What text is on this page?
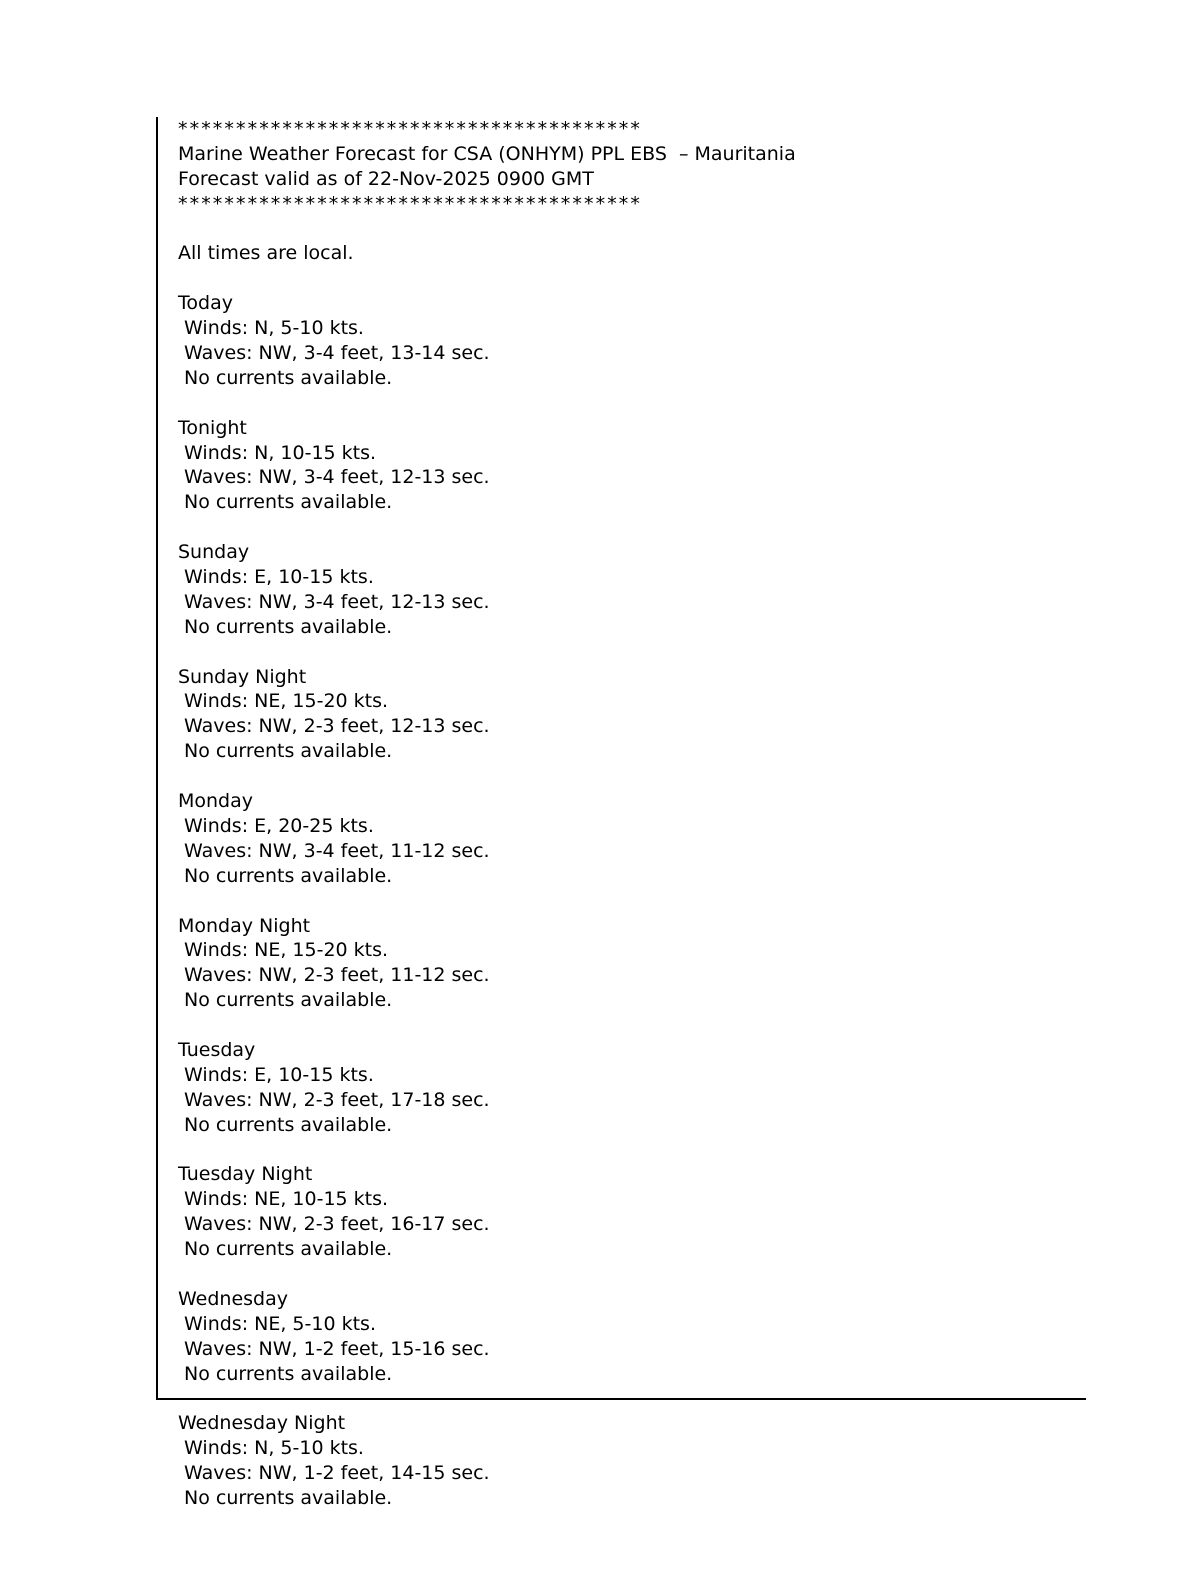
****************************************
Marine Weather Forecast for CSA (ONHYM) PPL EBS  – Mauritania
Forecast valid as of 22-Nov-2025 0900 GMT
****************************************
All times are local.
Today
Winds: N, 5-10 kts.
Waves: NW, 3-4 feet, 13-14 sec.
No currents available.
Tonight
Winds: N, 10-15 kts.
Waves: NW, 3-4 feet, 12-13 sec.
No currents available.
Sunday
Winds: E, 10-15 kts.
Waves: NW, 3-4 feet, 12-13 sec.
No currents available.
Sunday Night
Winds: NE, 15-20 kts.
Waves: NW, 2-3 feet, 12-13 sec.
No currents available.
Monday
Winds: E, 20-25 kts.
Waves: NW, 3-4 feet, 11-12 sec.
No currents available.
Monday Night
Winds: NE, 15-20 kts.
Waves: NW, 2-3 feet, 11-12 sec.
No currents available.
Tuesday
Winds: E, 10-15 kts.
Waves: NW, 2-3 feet, 17-18 sec.
No currents available.
Tuesday Night
Winds: NE, 10-15 kts.
Waves: NW, 2-3 feet, 16-17 sec.
No currents available.
Wednesday
Winds: NE, 5-10 kts.
Waves: NW, 1-2 feet, 15-16 sec.
No currents available.
Wednesday Night
Winds: N, 5-10 kts.
Waves: NW, 1-2 feet, 14-15 sec.
No currents available.
